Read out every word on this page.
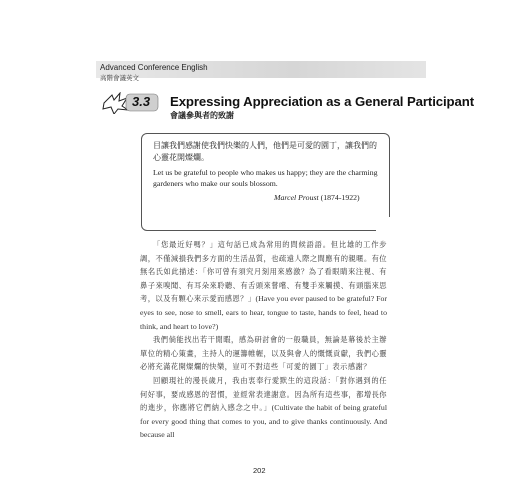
Advanced Conference English
高階會議英文
3.3 Expressing Appreciation as a General Participant
會議參與者的致謝
目讓我們感謝使我們快樂的人們，他們是可愛的園丁，讓我們的心靈花開燦爛。
Let us be grateful to people who makes us happy; they are the charming gardeners who make our souls blossom.
Marcel Proust (1874-1922)

「您最近好嗎？」這句話已成為常用的問候語語。但比雄的工作步調，不僅減損我們多方面的生活品質，也疏遠人際之間應有的親暱。有位無名氏如此描述：「你可曾有須究月刻用來感激？為了看眼睛來注視、有鼻子來嗅聞、有耳朵來聆聽、有舌頭來嘗嚐、有雙手來觸摸、有頭腦來思考，以及有顆心來示愛而感恩？」(Have you ever paused to be grateful? For eyes to see, nose to smell, ears to hear, tongue to taste, hands to feel, head to think, and heart to love?)

我們倘能找出若干閒暇，感為研討會的一般職員，無論是幕後於主辦單位的精心策畫，主持人的運籌帷幄，以及與會人的慨慨貢獻，我們心靈必將充滿花開燦爛的快樂，豈可不對這些「可愛的園丁」表示感謝？

回顧現社的漫長歲月，我由衷奉行愛默生的這段話：「對你遇到的任何好事，要成感恩的習慣，並經常表達謝意。因為所有這些事，都增長你的進步，你應將它們納入感念之中。」(Cultivate the habit of being grateful for every good thing that comes to you, and to give thanks continuously. And because all

202
